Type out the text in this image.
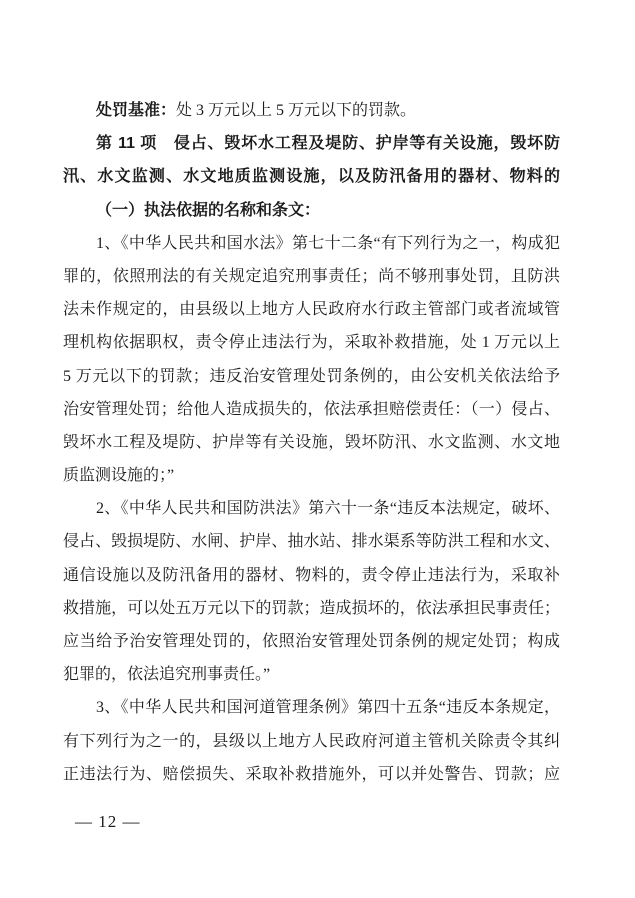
处罚基准：处 3 万元以上 5 万元以下的罚款。
第 11 项　侵占、毁坏水工程及堤防、护岸等有关设施，毁坏防
汛、水文监测、水文地质监测设施，以及防汛备用的器材、物料的
（一）执法依据的名称和条文：
1、《中华人民共和国水法》第七十二条“有下列行为之一，构成犯
罪的，依照刑法的有关规定追究刑事责任；尚不够刑事处罚，且防洪
法未作规定的，由县级以上地方人民政府水行政主管部门或者流域管
理机构依据职权，责令停止违法行为，采取补救措施，处 1 万元以上
5 万元以下的罚款；违反治安管理处罚条例的，由公安机关依法给予
治安管理处罚；给他人造成损失的，依法承担赔偿责任：（一）侵占、
毁坏水工程及堤防、护岸等有关设施，毁坏防汛、水文监测、水文地
质监测设施的；”
2、《中华人民共和国防洪法》第六十一条“违反本法规定，破坏、
侵占、毁损堤防、水闸、护岸、抽水站、排水渠系等防洪工程和水文、
通信设施以及防汛备用的器材、物料的，责令停止违法行为，采取补
救措施，可以处五万元以下的罚款；造成损坏的，依法承担民事责任；
应当给予治安管理处罚的，依照治安管理处罚条例的规定处罚；构成
犯罪的，依法追究刑事责任。”
3、《中华人民共和国河道管理条例》第四十五条“违反本条规定，
有下列行为之一的，县级以上地方人民政府河道主管机关除责令其纠
正违法行为、赔偿损失、采取补救措施外，可以并处警告、罚款；应
— 12 —
